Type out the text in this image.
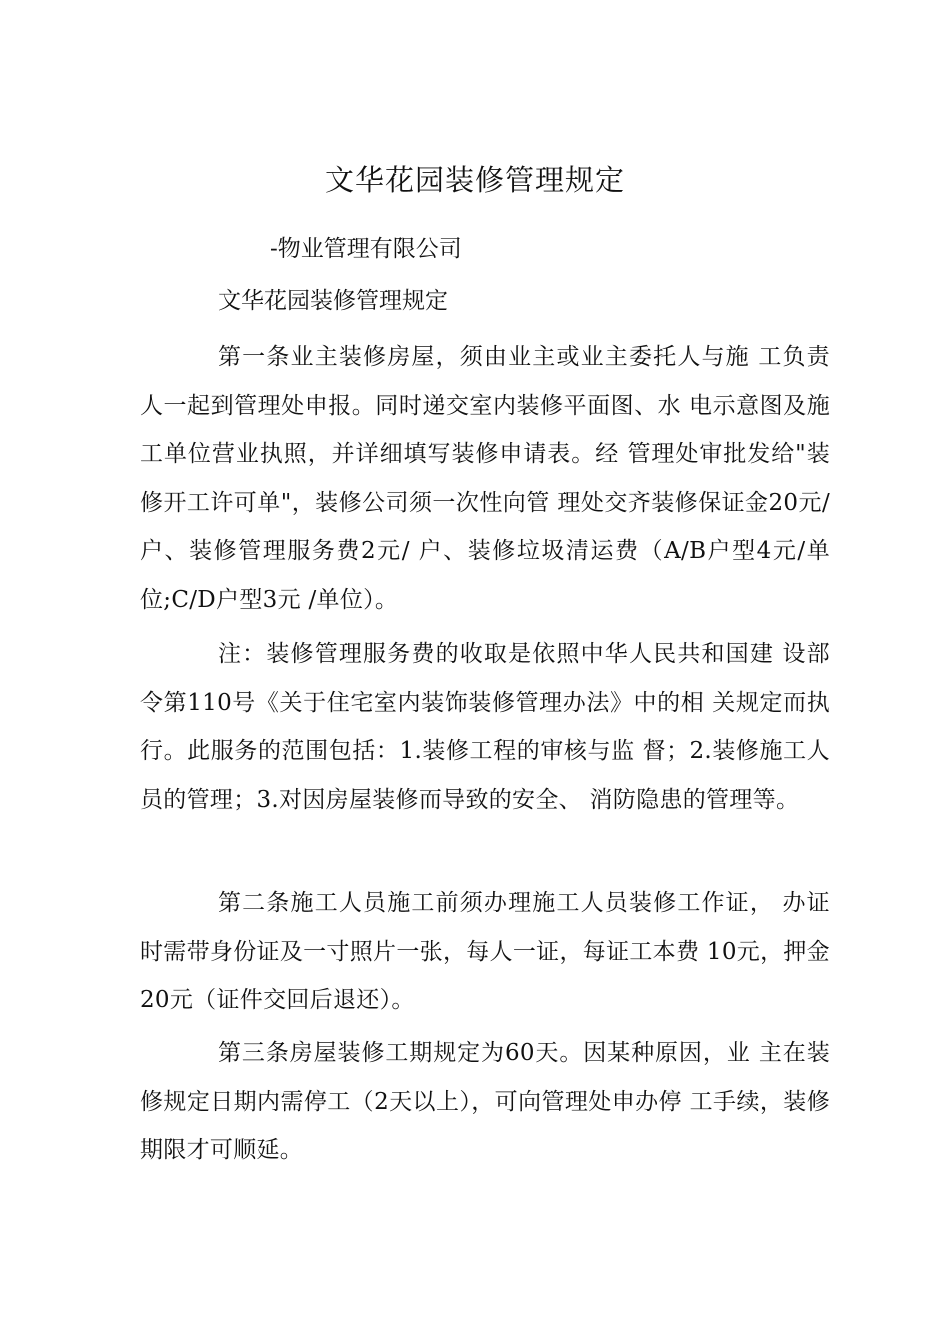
文华花园装修管理规定
-物业管理有限公司
文华花园装修管理规定

第一条业主装修房屋，须由业主或业主委托人与施 工负责人一起到管理处申报。同时递交室内装修平面图、水 电示意图及施工单位营业执照，并详细填写装修申请表。经 管理处审批发给"装修开工许可单"，装修公司须一次性向管 理处交齐装修保证金20元/户、装修管理服务费2元/ 户、装修垃圾清运费（A/B户型4元/单位;C/D户型3元 /单位）。

注：装修管理服务费的收取是依照中华人民共和国建 设部令第110号《关于住宅室内装饰装修管理办法》中的相 关规定而执行。此服务的范围包括：1.装修工程的审核与监 督；2.装修施工人员的管理；3.对因房屋装修而导致的安全、 消防隐患的管理等。

第二条施工人员施工前须办理施工人员装修工作证， 办证时需带身份证及一寸照片一张，每人一证，每证工本费 10元，押金20元（证件交回后退还）。

第三条房屋装修工期规定为60天。因某种原因，业 主在装修规定日期内需停工（2天以上），可向管理处申办停 工手续，装修期限才可顺延。
